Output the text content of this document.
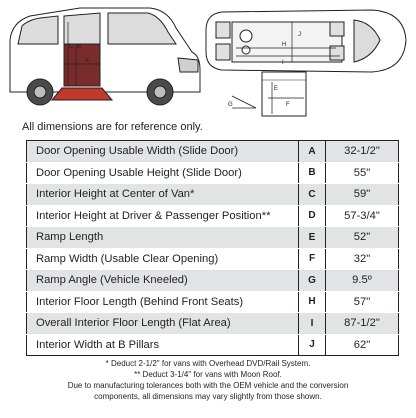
C B
A
J
H
I
G	F
E
All dimensions are for reference only.
Door Opening Usable Width (Slide Door)	A	32-1/2"
Door Opening Usable Height (Slide Door)	B	55"
Interior Height at Center of Van*	C	59"
Interior Height at Driver & Passenger Position**	D	57-3/4"
Ramp Length	E	52"
Ramp Width (Usable Clear Opening)	F	32"
Ramp Angle (Vehicle Kneeled)	G	9.5º
Interior Floor Length (Behind Front Seats)	H	57"
Overall Interior Floor Length (Flat Area)	I	87-1/2"
Interior Width at B Pillars	J	62"
* Deduct 2-1/2" for vans with Overhead DVD/Rail System.
** Deduct 3-1/4" for vans with Moon Roof.
Due to manufacturing tolerances both with the OEM vehicle and the conversion
components, all dimensions may vary slightly from those shown.
